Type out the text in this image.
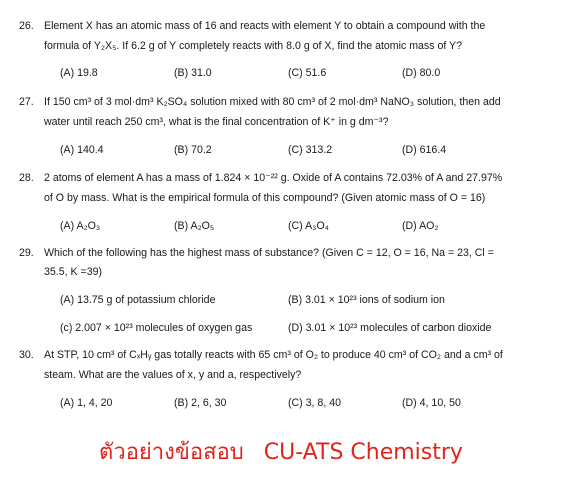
26. Element X has an atomic mass of 16 and reacts with element Y to obtain a compound with the
formula of Y₂X₅. If 6.2 g of Y completely reacts with 8.0 g of X, find the atomic mass of Y?
(A) 19.8	(B) 31.0	(C) 51.6	(D) 80.0
27. If 150 cm³ of 3 mol·dm³ K₂SO₄ solution mixed with 80 cm³ of 2 mol·dm³ NaNO₃ solution, then add
water until reach 250 cm³, what is the final concentration of K⁺ in g dm⁻³?
(A) 140.4	(B) 70.2	(C) 313.2	(D) 616.4
28. 2 atoms of element A has a mass of 1.824 × 10⁻²² g. Oxide of A contains 72.03% of A and 27.97%
of O by mass. What is the empirical formula of this compound? (Given atomic mass of O = 16)
(A) A₂O₃	(B) A₂O₅	(C) A₃O₄	(D) AO₂
29. Which of the following has the highest mass of substance? (Given C = 12, O = 16, Na = 23, Cl =
35.5, K =39)
(A) 13.75 g of potassium chloride	(B) 3.01 × 10²³ ions of sodium ion
(c) 2.007 × 10²³ molecules of oxygen gas	(D) 3.01 × 10²³ molecules of carbon dioxide
30. At STP, 10 cm³ of CₓHᵧ gas totally reacts with 65 cm³ of O₂ to produce 40 cm³ of CO₂ and a cm³ of
steam. What are the values of x, y and a, respectively?
(A) 1, 4, 20	(B) 2, 6, 30	(C) 3, 8, 40	(D) 4, 10, 50
ตัวอย่างข้อสอบ CU-ATS Chemistry
